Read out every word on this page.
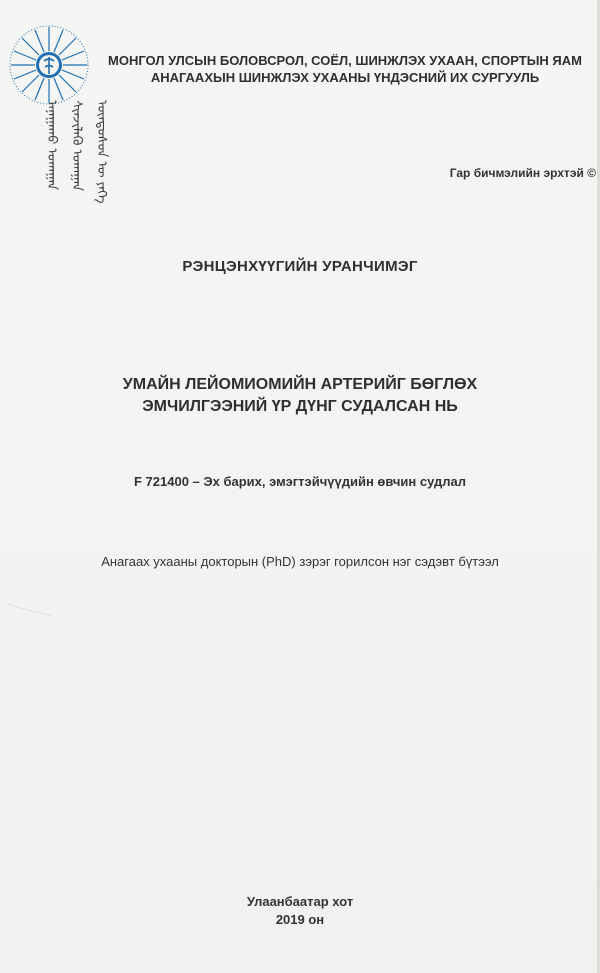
ᠠᠨᠠᠭᠠᠬᠤ ᠤᠬᠠᠭᠠᠨ ᠰᠢᠨᠵᠢᠯᠡᠬᠦ ᠤᠬᠠᠭᠠᠨ ᠦᠨᠳᠦᠰᠦᠨ ᠦ ᠶᠡᠬᠡ
МОНГОЛ УЛСЫН БОЛОВСРОЛ, СОЁЛ, ШИНЖЛЭХ УХААН, СПОРТЫН ЯАМ
АНАГААХЫН ШИНЖЛЭХ УХААНЫ ҮНДЭСНИЙ ИХ СУРГУУЛЬ
Гар бичмэлийн эрхтэй ©
РЭНЦЭНХҮҮГИЙН УРАНЧИМЭГ
УМАЙН ЛЕЙОМИОМИЙН АРТЕРИЙГ БӨГЛӨХ
ЭМЧИЛГЭЭНИЙ ҮР ДҮНГ СУДАЛСАН НЬ
F 721400 – Эх барих, эмэгтэйчүүдийн өвчин судлал
Анагаах ухааны докторын (PhD) зэрэг горилсон нэг сэдэвт бүтээл
Улаанбаатар хот
2019 он
